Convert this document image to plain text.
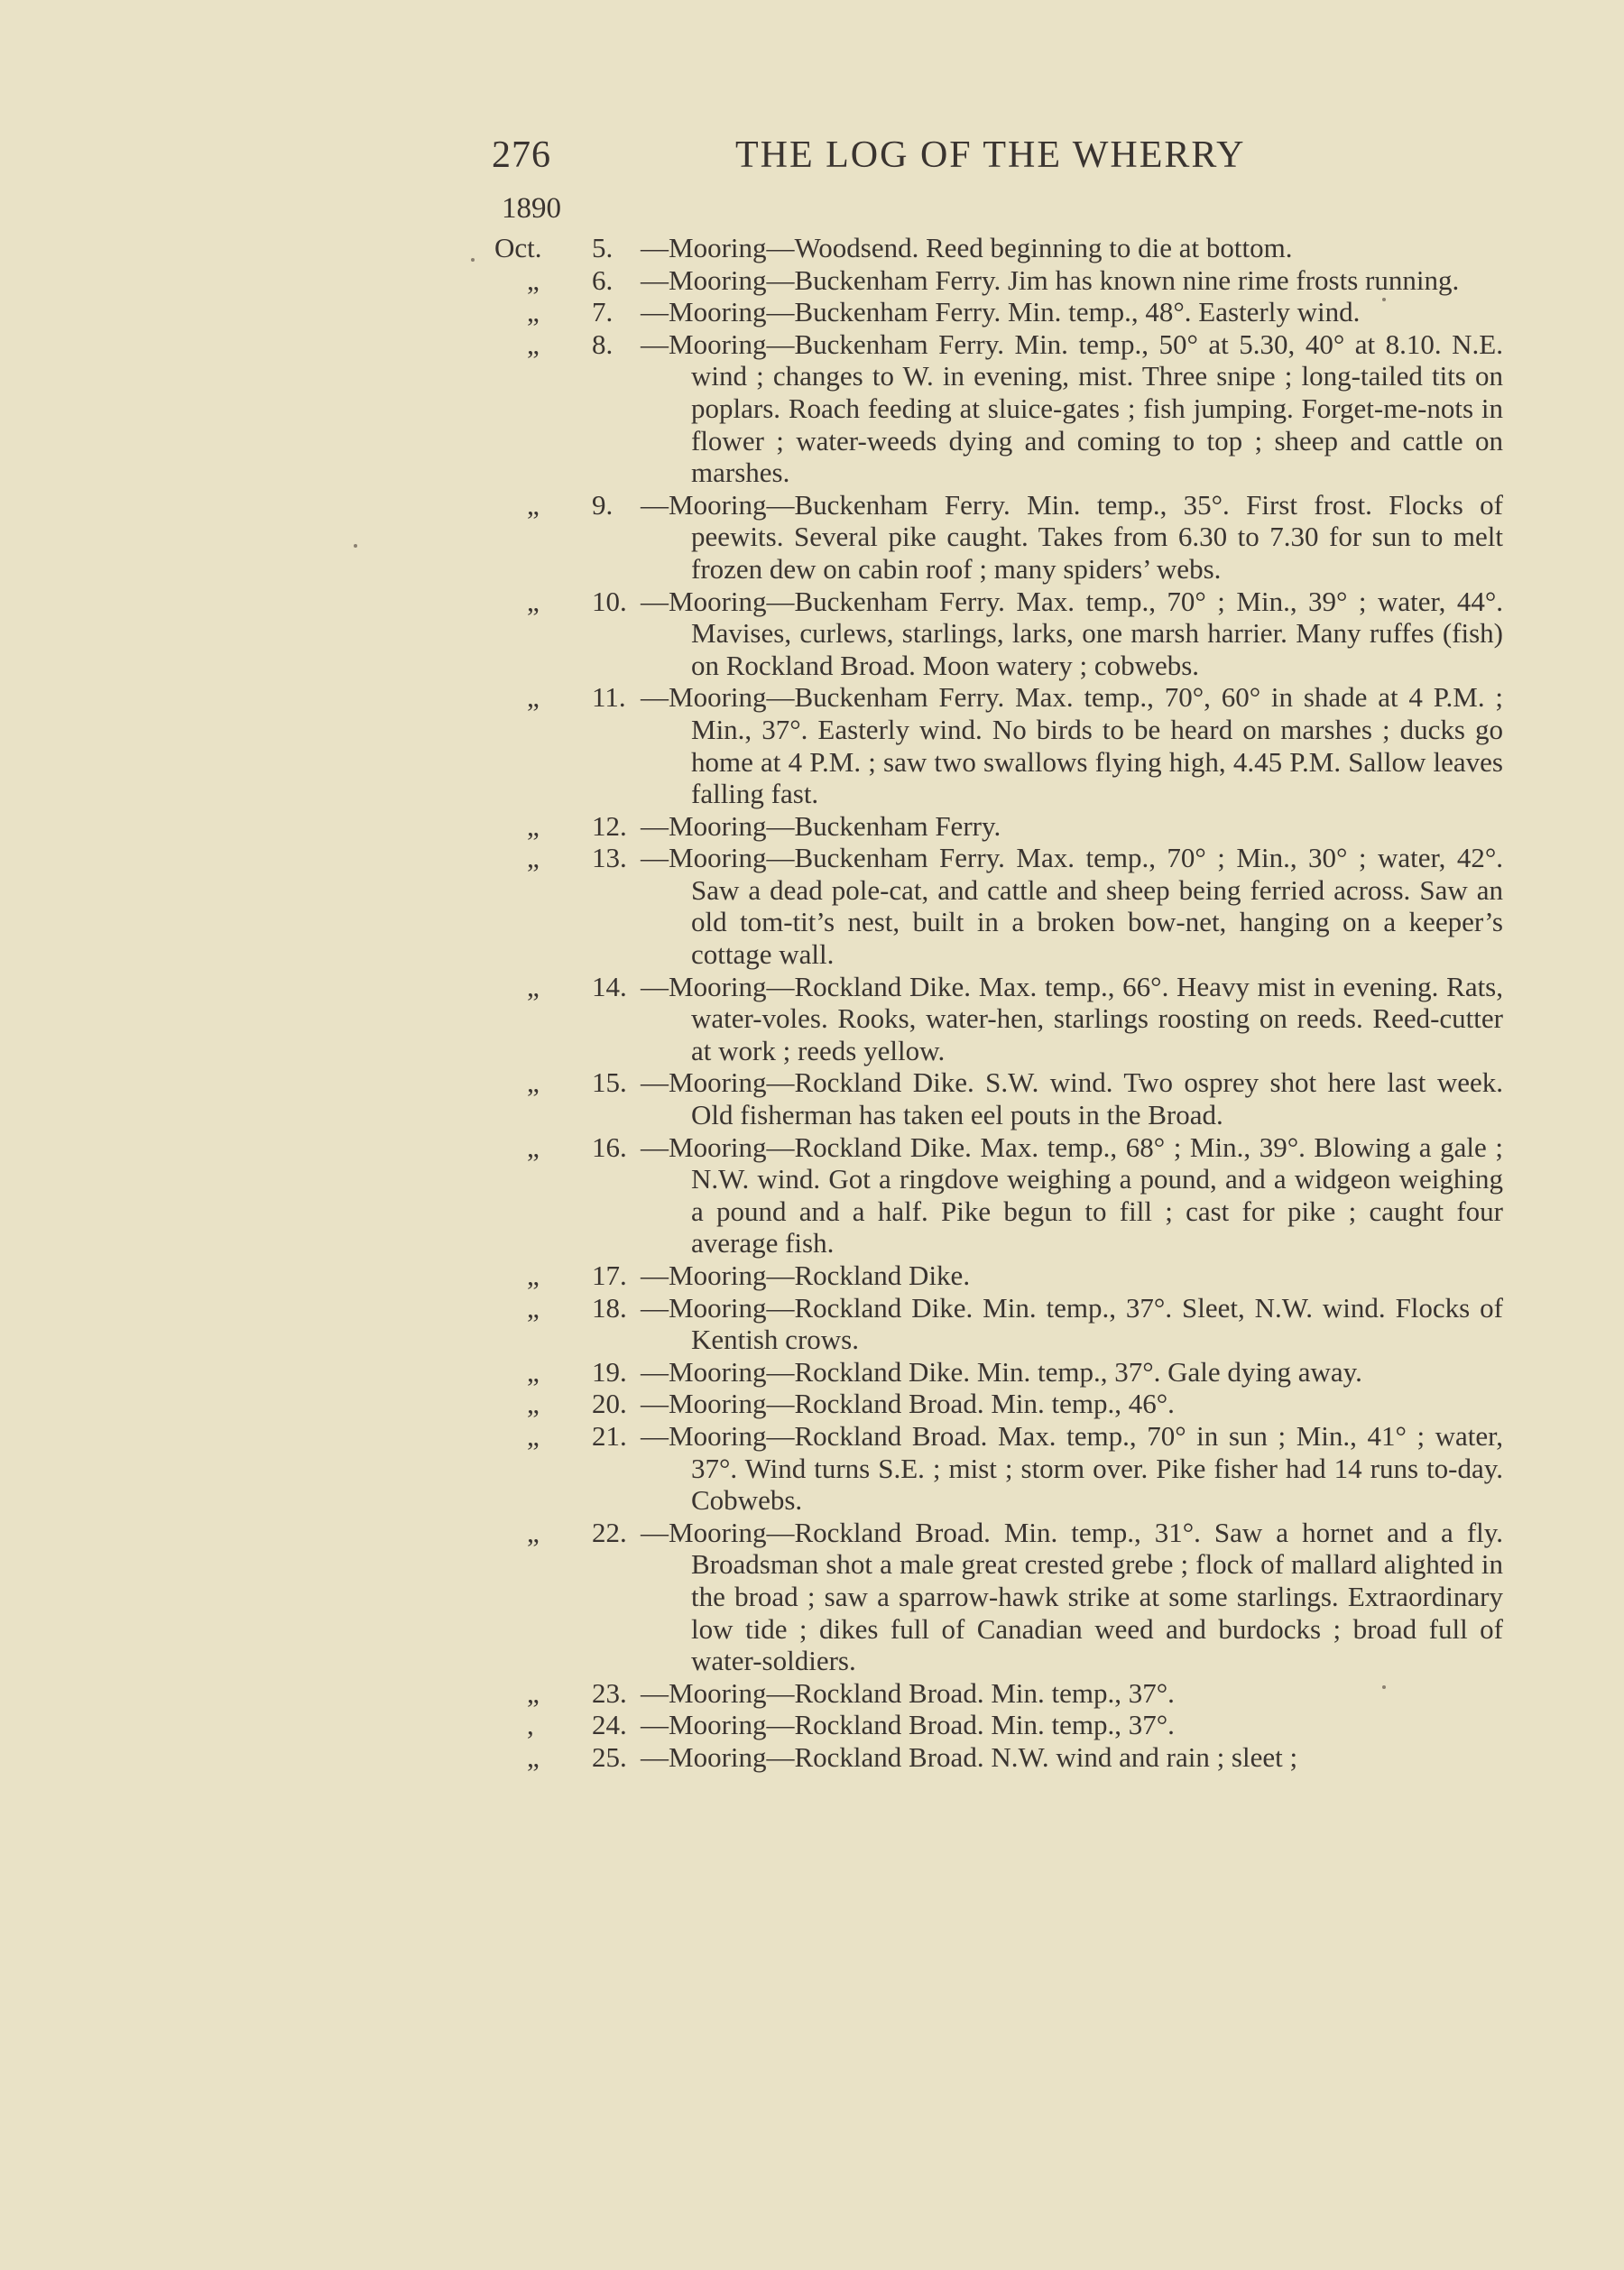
276	THE LOG OF THE WHERRY
1890
Oct. 5. —Mooring—Woodsend. Reed beginning to die at bottom.
„ 6. —Mooring—Buckenham Ferry. Jim has known nine rime frosts running.
„ 7. —Mooring—Buckenham Ferry. Min. temp., 48°. Easterly wind.
„ 8. —Mooring—Buckenham Ferry. Min. temp., 50° at 5.30, 40° at 8.10. N.E. wind ; changes to W. in evening, mist. Three snipe ; long-tailed tits on poplars. Roach feeding at sluice-gates ; fish jumping. Forget-me-nots in flower ; water-weeds dying and coming to top ; sheep and cattle on marshes.
„ 9. —Mooring—Buckenham Ferry. Min. temp., 35°. First frost. Flocks of peewits. Several pike caught. Takes from 6.30 to 7.30 for sun to melt frozen dew on cabin roof ; many spiders’ webs.
„ 10. —Mooring—Buckenham Ferry. Max. temp., 70° ; Min., 39° ; water, 44°. Mavises, curlews, starlings, larks, one marsh harrier. Many ruffes (fish) on Rockland Broad. Moon watery ; cobwebs.
„ 11. —Mooring—Buckenham Ferry. Max. temp., 70°, 60° in shade at 4 P.M. ; Min., 37°. Easterly wind. No birds to be heard on marshes ; ducks go home at 4 P.M. ; saw two swallows flying high, 4.45 P.M. Sallow leaves falling fast.
„ 12. —Mooring—Buckenham Ferry.
„ 13. —Mooring—Buckenham Ferry. Max. temp., 70° ; Min., 30° ; water, 42°. Saw a dead pole-cat, and cattle and sheep being ferried across. Saw an old tom-tit’s nest, built in a broken bow-net, hanging on a keeper’s cottage wall.
„ 14. —Mooring—Rockland Dike. Max. temp., 66°. Heavy mist in evening. Rats, water-voles. Rooks, water-hen, starlings roosting on reeds. Reed-cutter at work ; reeds yellow.
„ 15. —Mooring—Rockland Dike. S.W. wind. Two osprey shot here last week. Old fisherman has taken eel pouts in the Broad.
„ 16. —Mooring—Rockland Dike. Max. temp., 68° ; Min., 39°. Blowing a gale ; N.W. wind. Got a ringdove weighing a pound, and a widgeon weighing a pound and a half. Pike begun to fill ; cast for pike ; caught four average fish.
„ 17. —Mooring—Rockland Dike.
„ 18. —Mooring—Rockland Dike. Min. temp., 37°. Sleet, N.W. wind. Flocks of Kentish crows.
„ 19. —Mooring—Rockland Dike. Min. temp., 37°. Gale dying away.
„ 20. —Mooring—Rockland Broad. Min. temp., 46°.
„ 21. —Mooring—Rockland Broad. Max. temp., 70° in sun ; Min., 41° ; water, 37°. Wind turns S.E. ; mist ; storm over. Pike fisher had 14 runs to-day. Cobwebs.
„ 22. —Mooring—Rockland Broad. Min. temp., 31°. Saw a hornet and a fly. Broadsman shot a male great crested grebe ; flock of mallard alighted in the broad ; saw a sparrow-hawk strike at some starlings. Extraordinary low tide ; dikes full of Canadian weed and burdocks ; broad full of water-soldiers.
„ 23. —Mooring—Rockland Broad. Min. temp., 37°.
, 24. —Mooring—Rockland Broad. Min. temp., 37°.
„ 25. —Mooring—Rockland Broad. N.W. wind and rain ; sleet ;
